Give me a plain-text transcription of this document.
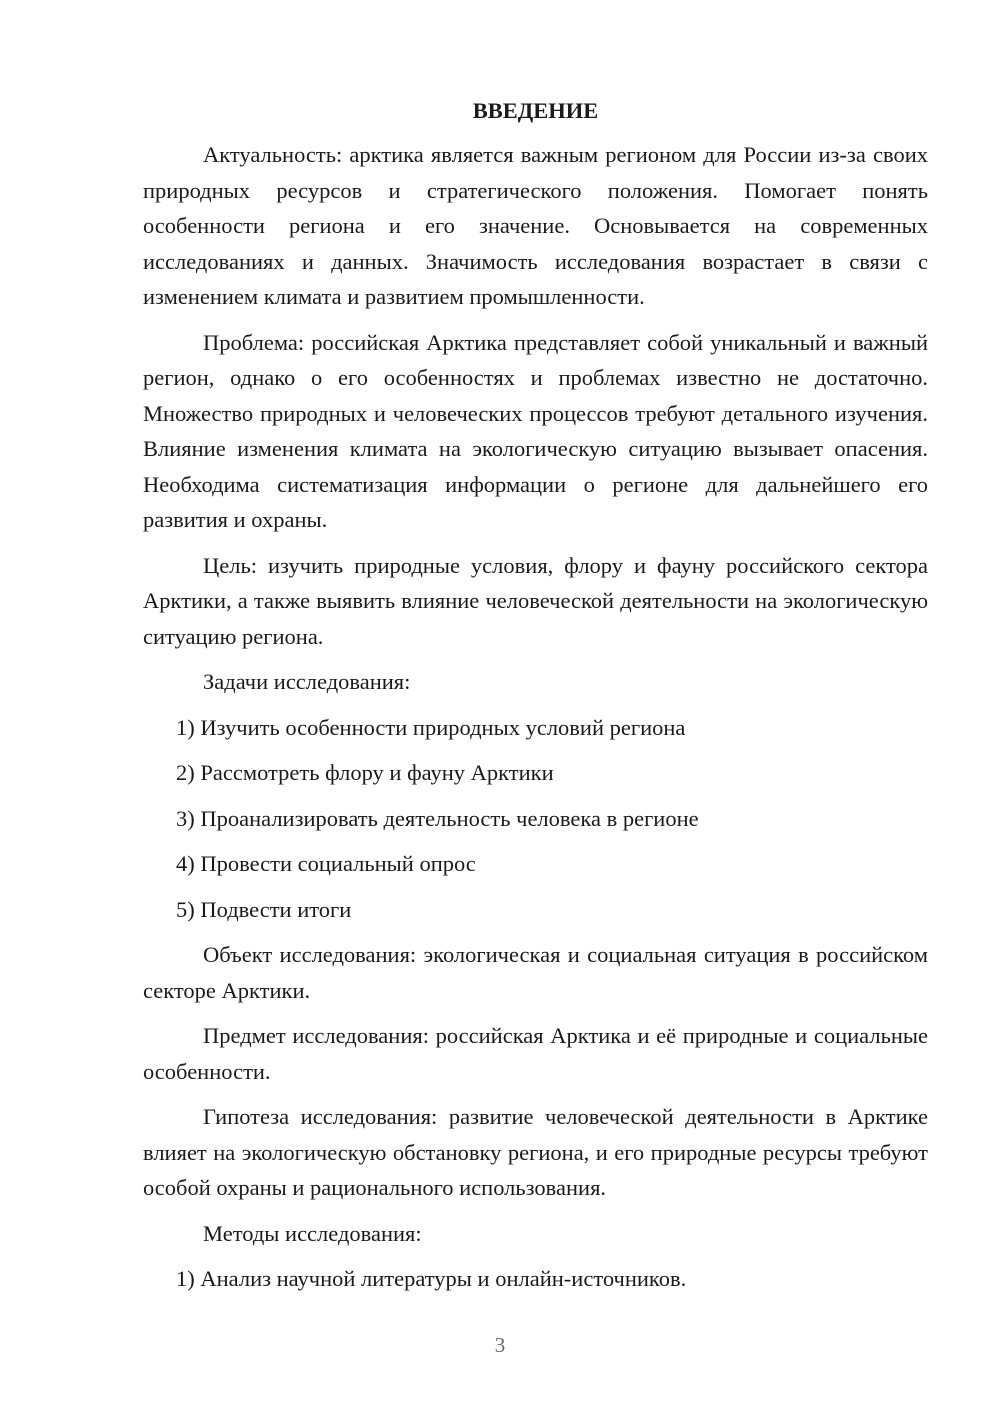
ВВЕДЕНИЕ

Актуальность: арктика является важным регионом для России из-за своих природных ресурсов и стратегического положения. Помогает понять особенности региона и его значение. Основывается на современных исследованиях и данных. Значимость исследования возрастает в связи с изменением климата и развитием промышленности.

Проблема: российская Арктика представляет собой уникальный и важный регион, однако о его особенностях и проблемах известно не достаточно. Множество природных и человеческих процессов требуют детального изучения. Влияние изменения климата на экологическую ситуацию вызывает опасения. Необходима систематизация информации о регионе для дальнейшего его развития и охраны.

Цель: изучить природные условия, флору и фауну российского сектора Арктики, а также выявить влияние человеческой деятельности на экологическую ситуацию региона.

Задачи исследования:

1) Изучить особенности природных условий региона

2) Рассмотреть флору и фауну Арктики

3) Проанализировать деятельность человека в регионе

4) Провести социальный опрос

5) Подвести итоги

Объект исследования: экологическая и социальная ситуация в российском секторе Арктики.

Предмет исследования: российская Арктика и её природные и социальные особенности.

Гипотеза исследования: развитие человеческой деятельности в Арктике влияет на экологическую обстановку региона, и его природные ресурсы требуют особой охраны и рационального использования.

Методы исследования:

1) Анализ научной литературы и онлайн-источников.

3
